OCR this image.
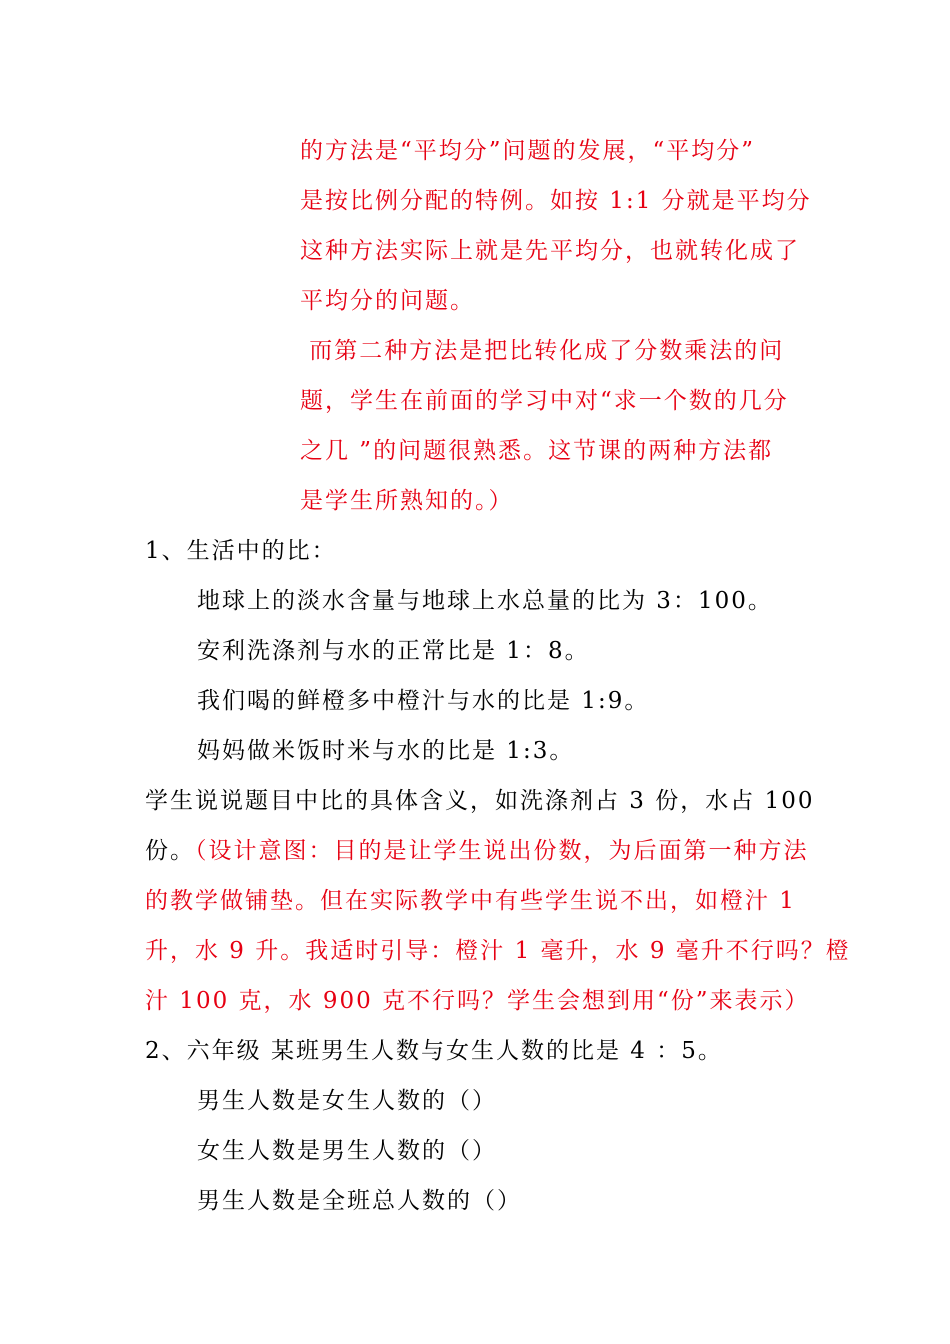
的方法是“平均分”问题的发展，“平均分”
是按比例分配的特例。如按 1:1 分就是平均分
这种方法实际上就是先平均分，也就转化成了
平均分的问题。
而第二种方法是把比转化成了分数乘法的问
题，学生在前面的学习中对“求一个数的几分
之几 ”的问题很熟悉。这节课的两种方法都
是学生所熟知的。）
1、生活中的比：
地球上的淡水含量与地球上水总量的比为 3：100。
安利洗涤剂与水的正常比是 1：8。
我们喝的鲜橙多中橙汁与水的比是 1:9。
妈妈做米饭时米与水的比是 1:3。
学生说说题目中比的具体含义，如洗涤剂占 3 份，水占 100
份。（设计意图：目的是让学生说出份数，为后面第一种方法
的教学做铺垫。但在实际教学中有些学生说不出，如橙汁 1
升，水 9 升。我适时引导：橙汁 1 毫升，水 9 毫升不行吗？橙
汁 100 克，水 900 克不行吗？学生会想到用“份”来表示）
2、六年级 某班男生人数与女生人数的比是 4 ：5。
男生人数是女生人数的（）
女生人数是男生人数的（）
男生人数是全班总人数的（）
